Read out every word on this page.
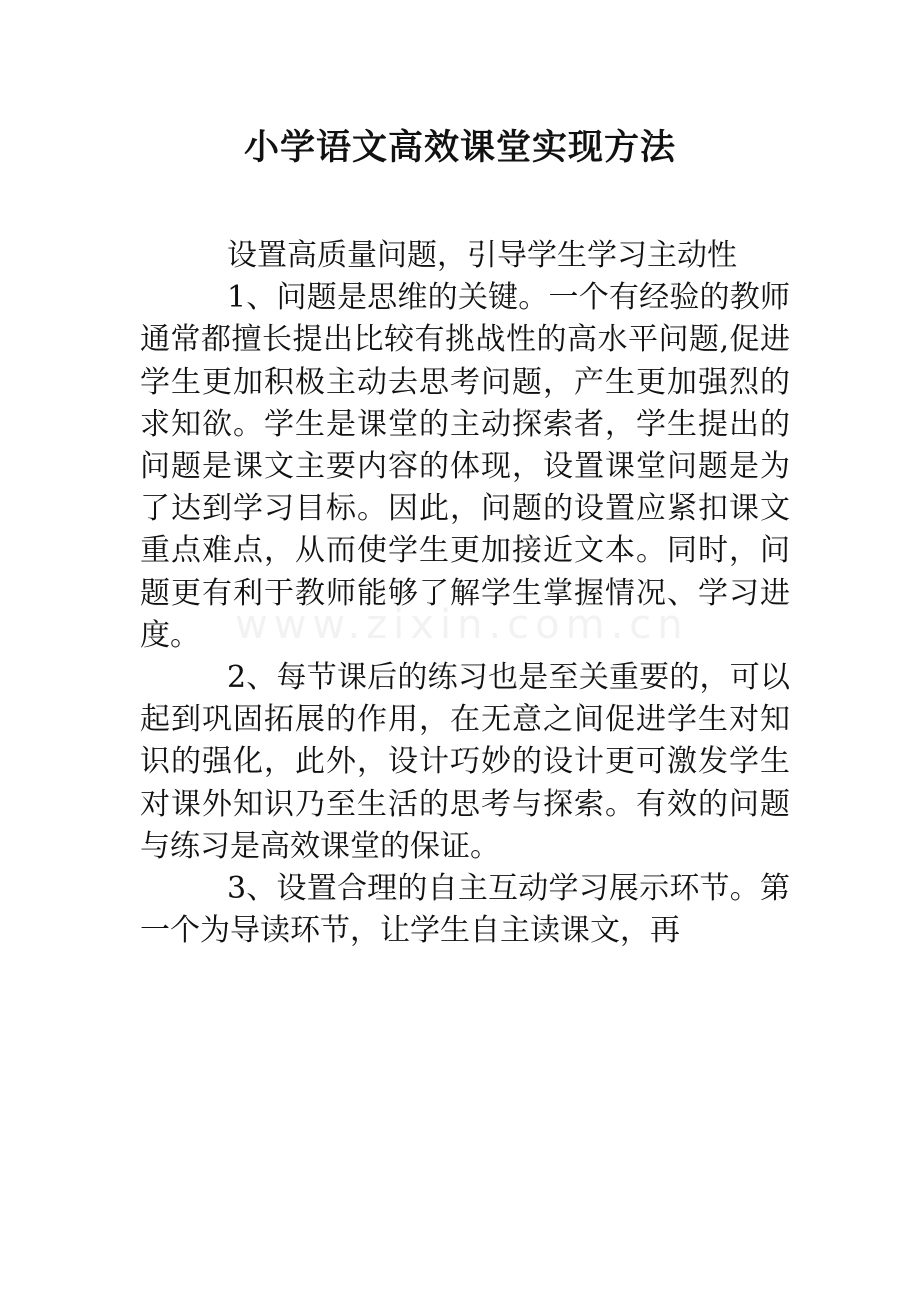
小学语文高效课堂实现方法

设置高质量问题，引导学生学习主动性

1、问题是思维的关键。一个有经验的教师通常都擅长提出比较有挑战性的高水平问题,促进学生更加积极主动去思考问题，产生更加强烈的求知欲。学生是课堂的主动探索者，学生提出的问题是课文主要内容的体现，设置课堂问题是为了达到学习目标。因此，问题的设置应紧扣课文重点难点，从而使学生更加接近文本。同时，问题更有利于教师能够了解学生掌握情况、学习进度。

2、每节课后的练习也是至关重要的，可以起到巩固拓展的作用，在无意之间促进学生对知识的强化，此外，设计巧妙的设计更可激发学生对课外知识乃至生活的思考与探索。有效的问题与练习是高效课堂的保证。

3、设置合理的自主互动学习展示环节。第一个为导读环节，让学生自主读课文，再

www.zixin.com.cn
